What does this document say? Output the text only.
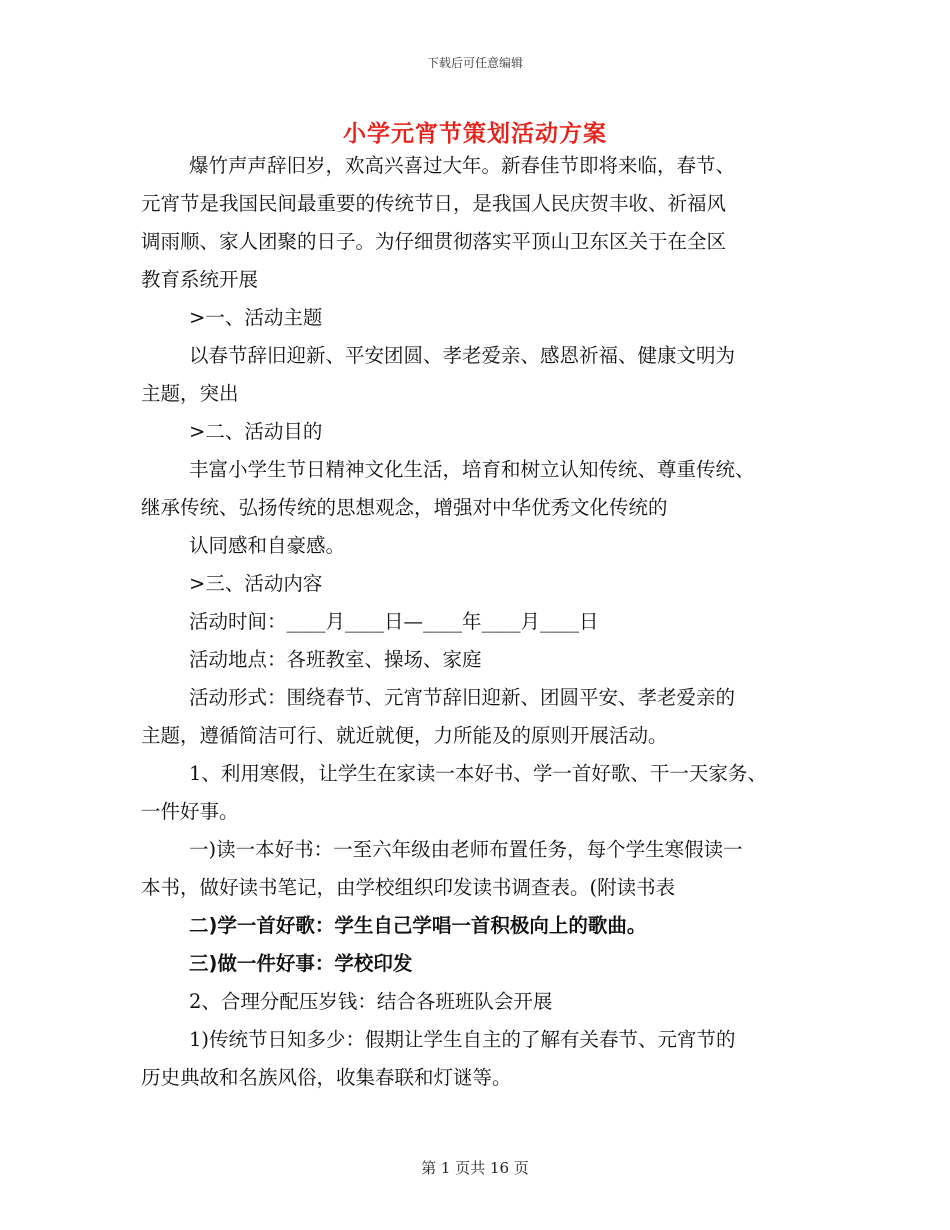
下载后可任意编辑
小学元宵节策划活动方案
爆竹声声辞旧岁，欢高兴喜过大年。新春佳节即将来临，春节、
元宵节是我国民间最重要的传统节日，是我国人民庆贺丰收、祈福风
调雨顺、家人团聚的日子。为仔细贯彻落实平顶山卫东区关于在全区
教育系统开展
>一、活动主题
以春节辞旧迎新、平安团圆、孝老爱亲、感恩祈福、健康文明为
主题，突出
>二、活动目的
丰富小学生节日精神文化生活，培育和树立认知传统、尊重传统、
继承传统、弘扬传统的思想观念，增强对中华优秀文化传统的
认同感和自豪感。
>三、活动内容
活动时间：____月____日—____年____月____日
活动地点：各班教室、操场、家庭
活动形式：围绕春节、元宵节辞旧迎新、团圆平安、孝老爱亲的
主题，遵循简洁可行、就近就便，力所能及的原则开展活动。
1、利用寒假，让学生在家读一本好书、学一首好歌、干一天家务、
一件好事。
一)读一本好书：一至六年级由老师布置任务，每个学生寒假读一
本书，做好读书笔记，由学校组织印发读书调查表。(附读书表
二)学一首好歌：学生自己学唱一首积极向上的歌曲。
三)做一件好事：学校印发
2、合理分配压岁钱：结合各班班队会开展
1)传统节日知多少：假期让学生自主的了解有关春节、元宵节的
历史典故和名族风俗，收集春联和灯谜等。
第 1 页共 16 页
